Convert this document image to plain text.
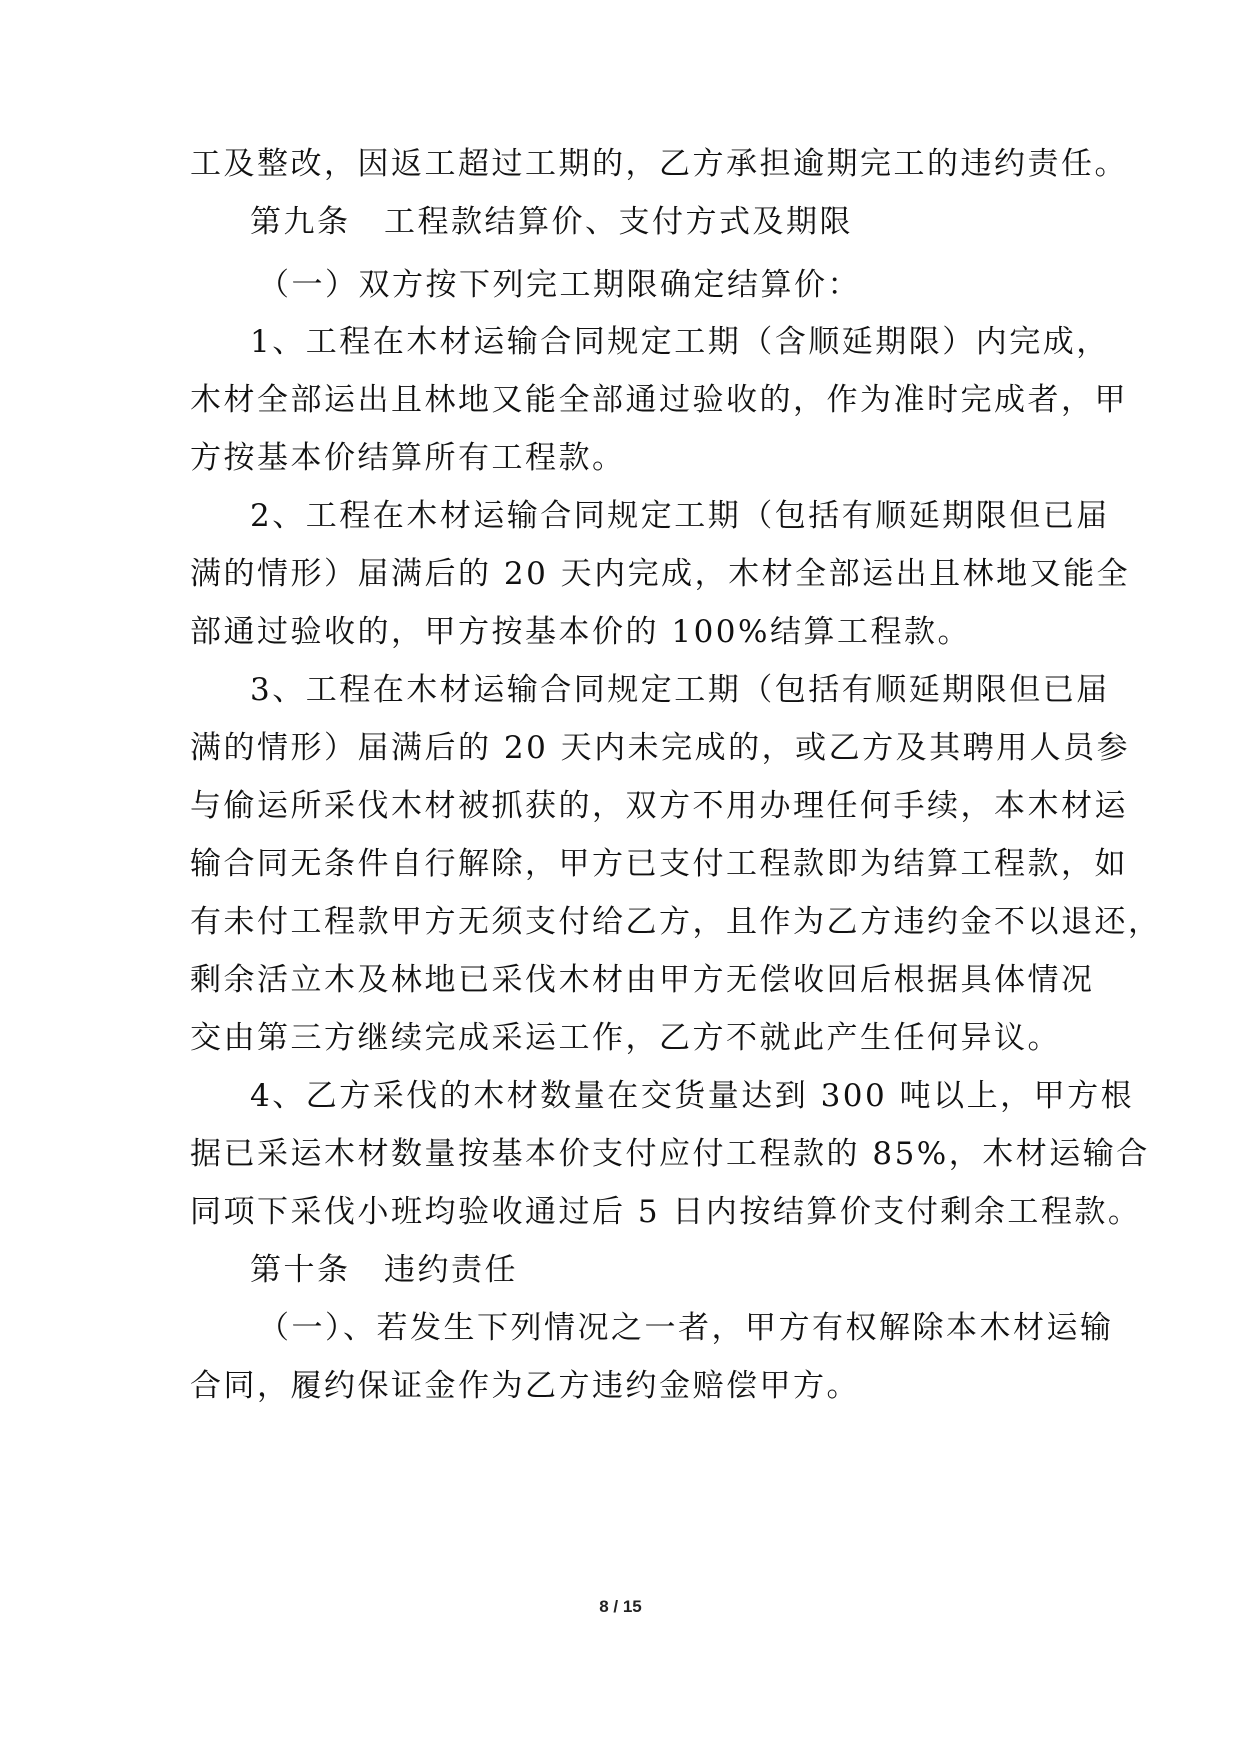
工及整改，因返工超过工期的，乙方承担逾期完工的违约责任。
第九条　工程款结算价、支付方式及期限
（一）双方按下列完工期限确定结算价：
1、工程在木材运输合同规定工期（含顺延期限）内完成，
木材全部运出且林地又能全部通过验收的，作为准时完成者，甲
方按基本价结算所有工程款。
2、工程在木材运输合同规定工期（包括有顺延期限但已届
满的情形）届满后的 20 天内完成，木材全部运出且林地又能全
部通过验收的，甲方按基本价的 100%结算工程款。
3、工程在木材运输合同规定工期（包括有顺延期限但已届
满的情形）届满后的 20 天内未完成的，或乙方及其聘用人员参
与偷运所采伐木材被抓获的，双方不用办理任何手续，本木材运
输合同无条件自行解除，甲方已支付工程款即为结算工程款，如
有未付工程款甲方无须支付给乙方，且作为乙方违约金不以退还，
剩余活立木及林地已采伐木材由甲方无偿收回后根据具体情况
交由第三方继续完成采运工作，乙方不就此产生任何异议。
4、乙方采伐的木材数量在交货量达到 300 吨以上，甲方根
据已采运木材数量按基本价支付应付工程款的 85%，木材运输合
同项下采伐小班均验收通过后 5 日内按结算价支付剩余工程款。
第十条　违约责任
（一）、若发生下列情况之一者，甲方有权解除本木材运输
合同，履约保证金作为乙方违约金赔偿甲方。
8 / 15
